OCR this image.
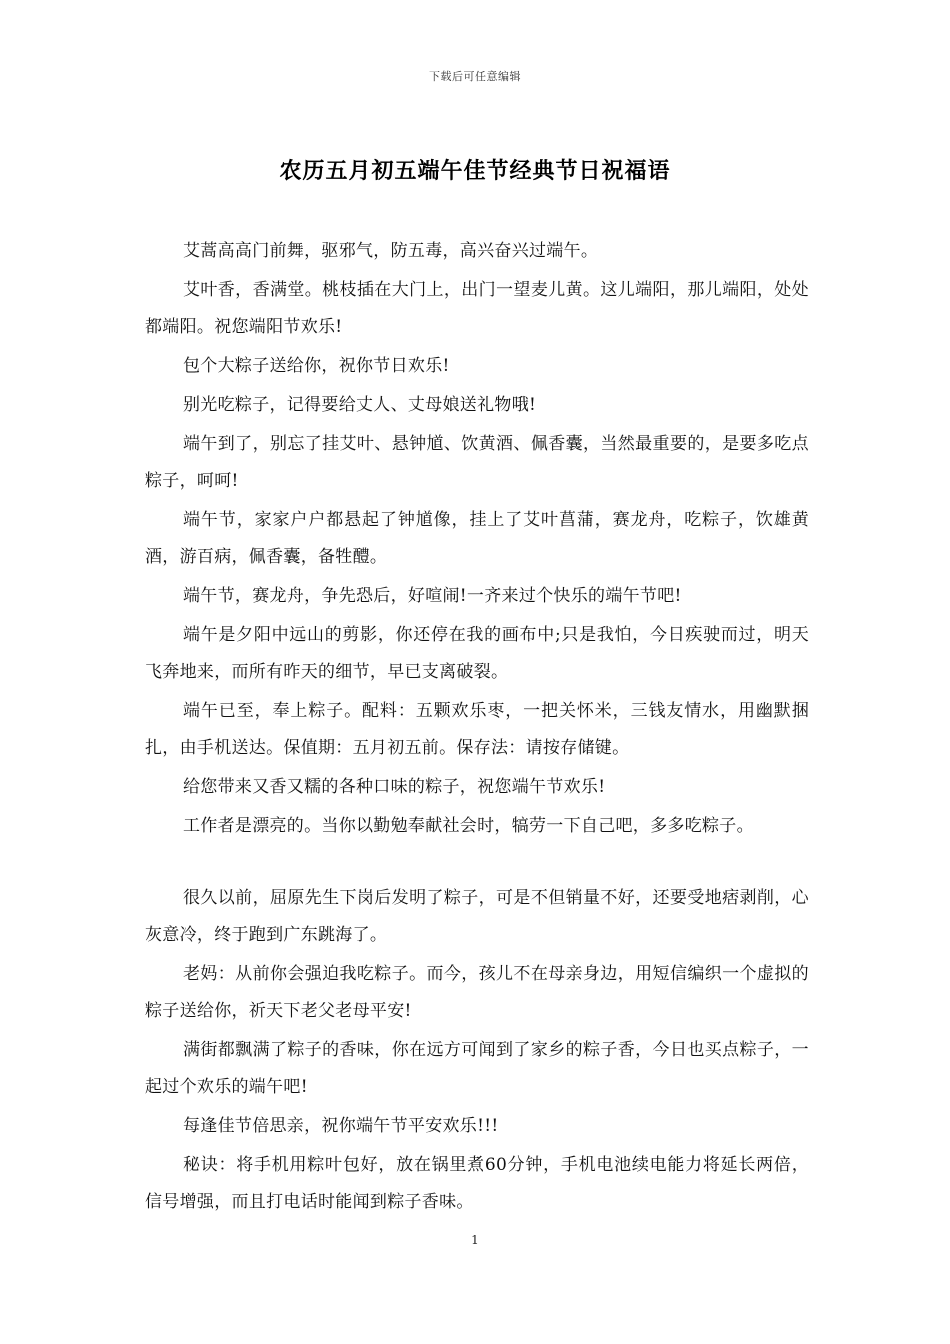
下载后可任意编辑
农历五月初五端午佳节经典节日祝福语

艾蒿高高门前舞，驱邪气，防五毒，高兴奋兴过端午。

艾叶香，香满堂。桃枝插在大门上，出门一望麦儿黄。这儿端阳，那儿端阳，处处都端阳。祝您端阳节欢乐!

包个大粽子送给你，祝你节日欢乐!

别光吃粽子，记得要给丈人、丈母娘送礼物哦!

端午到了，别忘了挂艾叶、悬钟馗、饮黄酒、佩香囊，当然最重要的，是要多吃点粽子，呵呵!

端午节，家家户户都悬起了钟馗像，挂上了艾叶菖蒲，赛龙舟，吃粽子，饮雄黄酒，游百病，佩香囊，备牲醴。

端午节，赛龙舟，争先恐后，好喧闹!一齐来过个快乐的端午节吧!

端午是夕阳中远山的剪影，你还停在我的画布中;只是我怕，今日疾驶而过，明天飞奔地来，而所有昨天的细节，早已支离破裂。

端午已至，奉上粽子。配料：五颗欢乐枣，一把关怀米，三钱友情水，用幽默捆扎，由手机送达。保值期：五月初五前。保存法：请按存储键。

给您带来又香又糯的各种口味的粽子，祝您端午节欢乐!

工作者是漂亮的。当你以勤勉奉献社会时，犒劳一下自己吧，多多吃粽子。

很久以前，屈原先生下岗后发明了粽子，可是不但销量不好，还要受地痞剥削，心灰意冷，终于跑到广东跳海了。

老妈：从前你会强迫我吃粽子。而今，孩儿不在母亲身边，用短信编织一个虚拟的粽子送给你，祈天下老父老母平安!

满街都飘满了粽子的香味，你在远方可闻到了家乡的粽子香，今日也买点粽子，一起过个欢乐的端午吧!

每逢佳节倍思亲，祝你端午节平安欢乐!!!

秘诀：将手机用粽叶包好，放在锅里煮60分钟，手机电池续电能力将延长两倍，信号增强，而且打电话时能闻到粽子香味。

1
